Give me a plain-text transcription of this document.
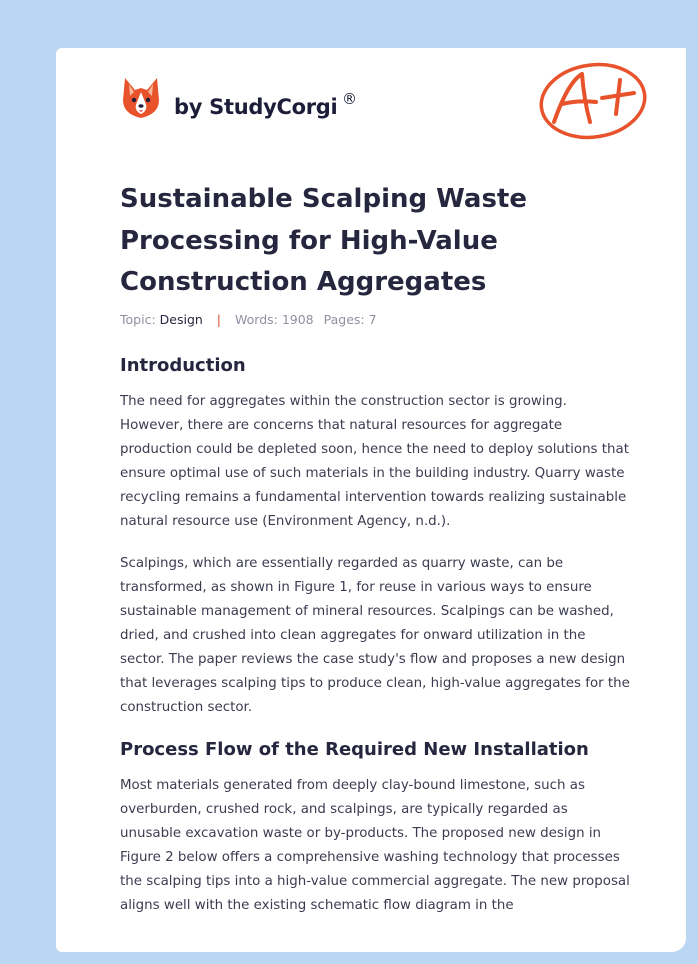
by StudyCorgi ®
Sustainable Scalping Waste Processing for High-Value Construction Aggregates
Topic: Design | Words: 1908 Pages: 7
Introduction

The need for aggregates within the construction sector is growing. However, there are concerns that natural resources for aggregate production could be depleted soon, hence the need to deploy solutions that ensure optimal use of such materials in the building industry. Quarry waste recycling remains a fundamental intervention towards realizing sustainable natural resource use (Environment Agency, n.d.).

Scalpings, which are essentially regarded as quarry waste, can be transformed, as shown in Figure 1, for reuse in various ways to ensure sustainable management of mineral resources. Scalpings can be washed, dried, and crushed into clean aggregates for onward utilization in the sector. The paper reviews the case study's flow and proposes a new design that leverages scalping tips to produce clean, high-value aggregates for the construction sector.

Process Flow of the Required New Installation

Most materials generated from deeply clay-bound limestone, such as overburden, crushed rock, and scalpings, are typically regarded as unusable excavation waste or by-products. The proposed new design in Figure 2 below offers a comprehensive washing technology that processes the scalping tips into a high-value commercial aggregate. The new proposal aligns well with the existing schematic flow diagram in the
